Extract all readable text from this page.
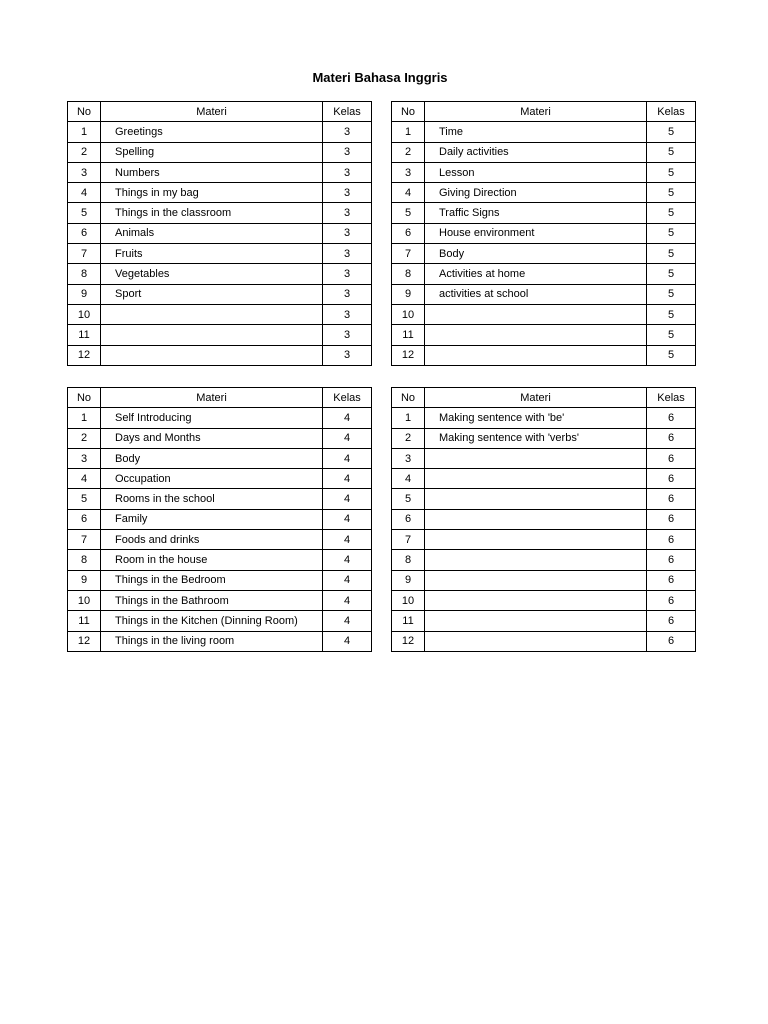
Materi Bahasa Inggris
No	Materi	Kelas
1	Greetings	3
2	Spelling	3
3	Numbers	3
4	Things in my bag	3
5	Things in the classroom	3
6	Animals	3
7	Fruits	3
8	Vegetables	3
9	Sport	3
10		3
11		3
12		3
No	Materi	Kelas
1	Time	5
2	Daily activities	5
3	Lesson	5
4	Giving Direction	5
5	Traffic Signs	5
6	House environment	5
7	Body	5
8	Activities at home	5
9	activities at school	5
10		5
11		5
12		5
No	Materi	Kelas
1	Self Introducing	4
2	Days and Months	4
3	Body	4
4	Occupation	4
5	Rooms in the school	4
6	Family	4
7	Foods and drinks	4
8	Room in the house	4
9	Things in the Bedroom	4
10	Things in the Bathroom	4
11	Things in the Kitchen (Dinning Room)	4
12	Things in the living room	4
No	Materi	Kelas
1	Making sentence with 'be'	6
2	Making sentence with 'verbs'	6
3		6
4		6
5		6
6		6
7		6
8		6
9		6
10		6
11		6
12		6
